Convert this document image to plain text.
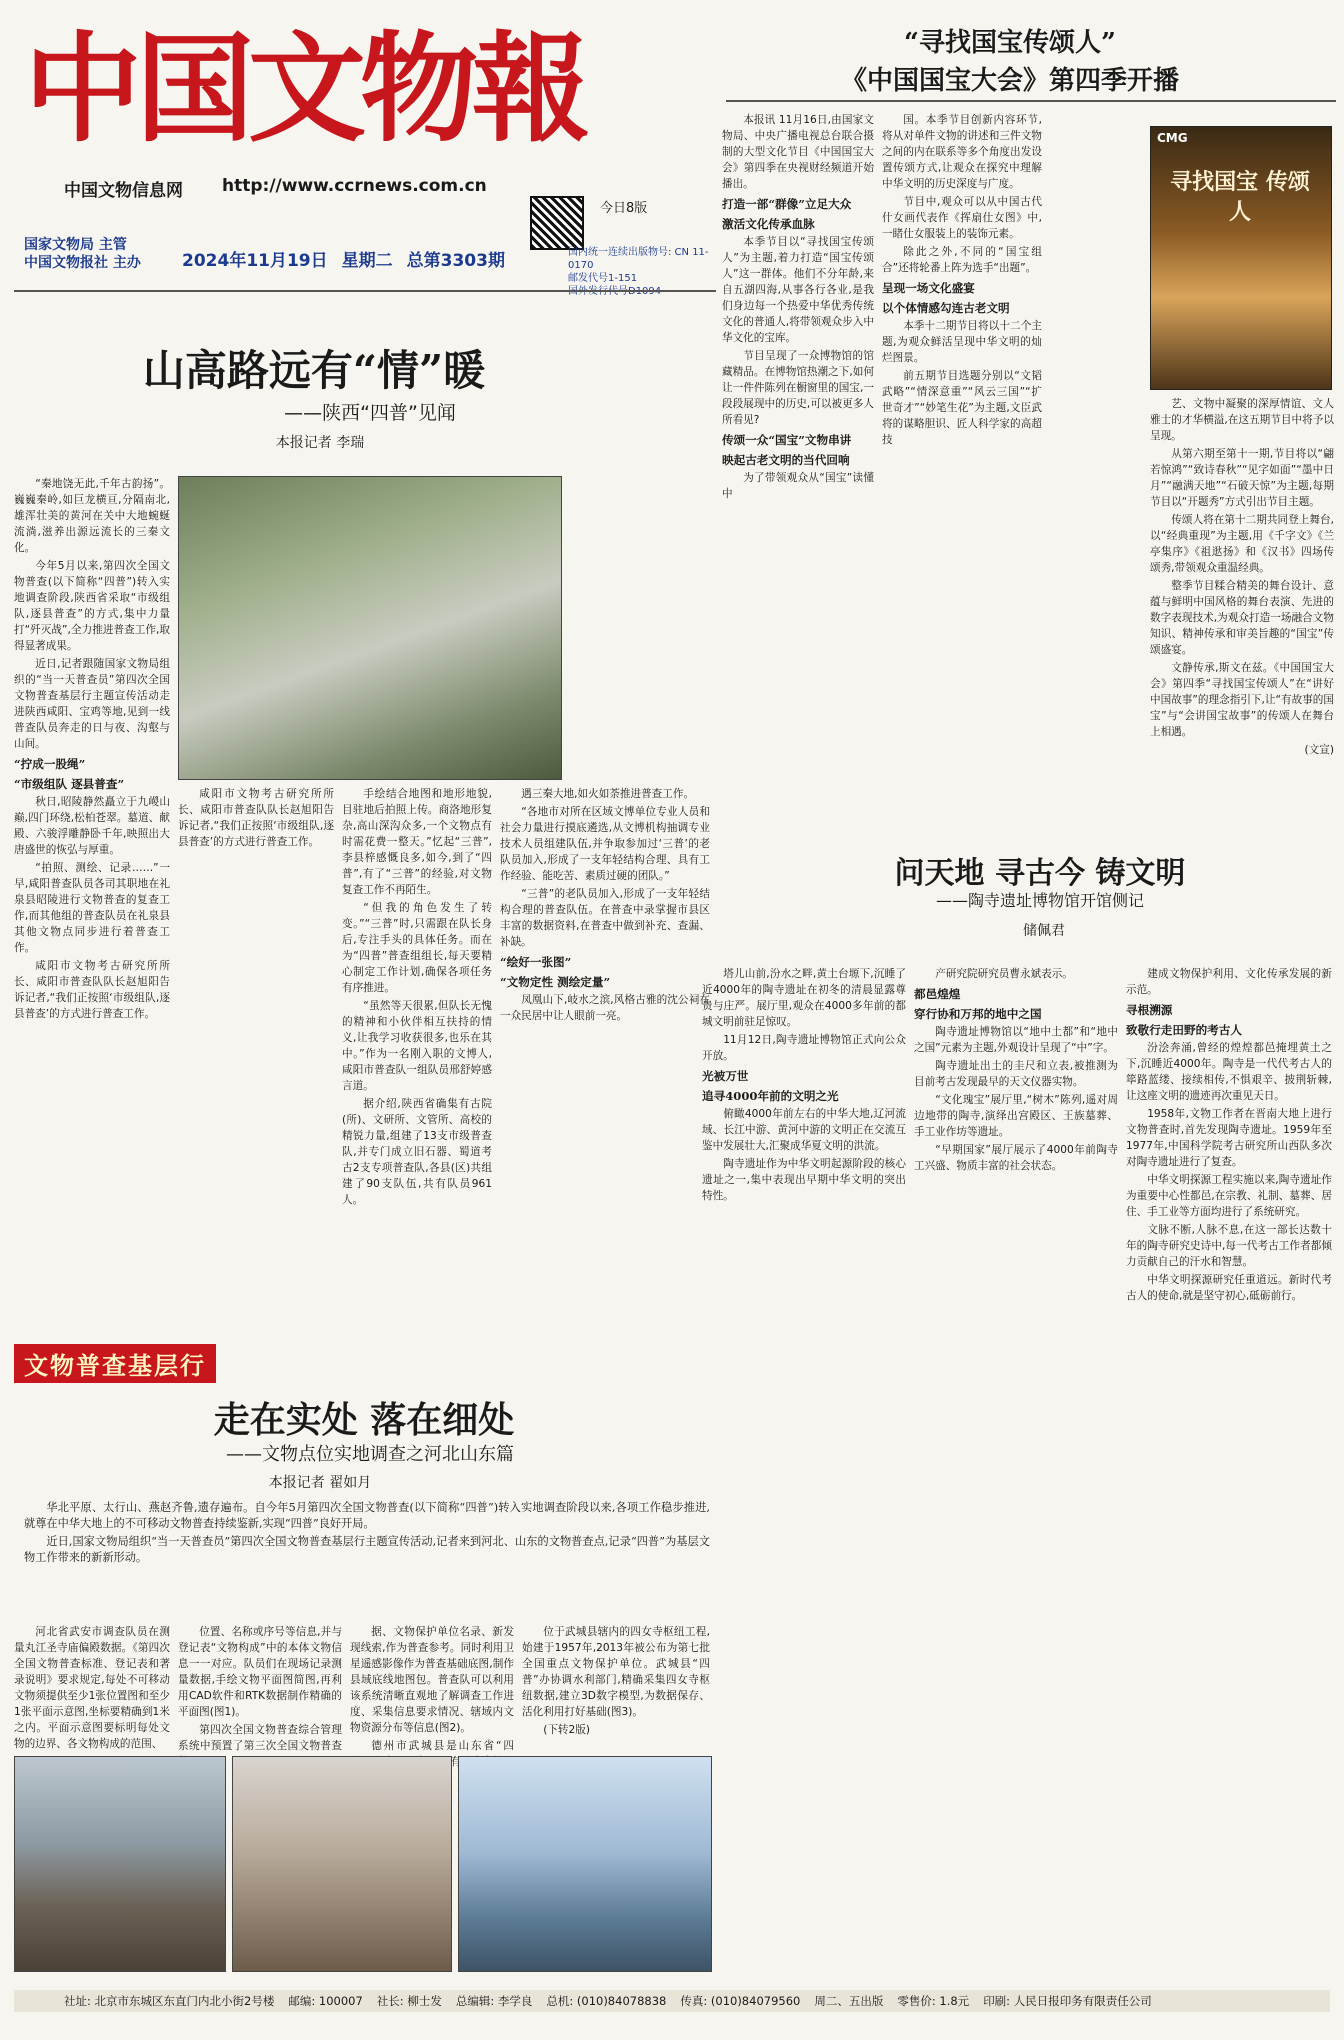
中国文物報
中国文物信息网 http://www.ccrnews.com.cn
今日8版
国家文物局 主管
中国文物报社 主办 2024年11月19日 星期二 总第3303期	国内统一连续出版物号: CN 11-0170
邮发代号1-151
山高路远有“情”暖
——陕西“四普”见闻
本报记者 李瑞

“秦地饶无此,千年古韵扬”。巍巍秦岭,如巨龙横亘,分隔南北,雄浑壮美的黄河在关中大地蜿蜒流淌,滋养出源远流长的三秦文化。

今年5月以来,第四次全国文物普查(以下简称“四普”)转入实地调查阶段,陕西省采取“市级组队,逐县普查”的方式,集中力量打“歼灭战”,全力推进普查工作,取得显著成果。

近日,记者跟随国家文物局组织的“当一天普查员”第四次全国文物普查基层行主题宣传活动走进陕西咸阳、宝鸡等地,见到一线普查队员奔走的日与夜、沟壑与山间。

“拧成一股绳”
“市级组队 逐县普查”

秋日,昭陵静然矗立于九嵕山巅,四门环绕,松柏苍翠。墓道、献殿、六骏浮雕静卧千年,映照出大唐盛世的恢弘与厚重。

“拍照、测绘、记录……”一早,咸阳普查队员各司其职地在礼泉县昭陵进行文物普查的复查工作,而其他组的普查队员在礼泉县其他文物点同步进行着普查工作。

咸阳市文物考古研究所所长、咸阳市普查队队长赵旭阳告诉记者,“我们正按照‘市级组队,逐县普查’的方式进行普查工作。

咸阳市文物考古研究所所长、咸阳市普查队队长赵旭阳告诉记者,“我们正按照‘市级组队,逐县普查’的方式进行普查工作。

手绘结合地图和地形地貌,目驻地后拍照上传。商洛地形复杂,高山深沟众多,一个文物点有时需花费一整天。”忆起“三普”,李县梓感慨良多,如今,到了“四普”,有了“三普”的经验,对文物复查工作不再陌生。

“但我的角色发生了转变。”“三普”时,只需跟在队长身后,专注手头的具体任务。而在为“四普”普查组组长,每天要精心制定工作计划,确保各项任务有序推进。

“虽然等天很累,但队长无愧的精神和小伙伴相互扶持的情义,让我学习收获很多,也乐在其中。”作为一名刚入职的文博人,咸阳市普查队一组队员邢舒婷感言道。

据介绍,陕西省确集有古院(所)、文研所、文管所、高校的精锐力量,组建了13支市级普查队,并专门成立旧石器、蜀道考古2支专项普查队,各县(区)共组建了90支队伍,共有队员961人。

遇三秦大地,如火如荼推进普查工作。

“各地市对所在区域文博单位专业人员和社会力量进行摸底遴选,从文博机构抽调专业技术人员组建队伍,并争取参加过‘三普’的老队员加入,形成了一支年轻结构合理、具有工作经验、能吃苦、素质过硬的团队。”

“三普”的老队员加入,形成了一支年轻结构合理的普查队伍。在普查中录掌握市县区丰富的数据资料,在普查中做到补充、查漏、补缺。

“绘好一张图”
“文物定性 测绘定量”

凤凰山下,岐水之滨,风格古雅的沈公祠在一众民居中让人眼前一亮。

文物普查基层行
走在实处 落在细处
——文物点位实地调查之河北山东篇
本报记者 翟如月

华北平原、太行山、燕赵齐鲁,遗存遍布。自今年5月第四次全国文物普查(以下简称“四普”)转入实地调查阶段以来,各项工作稳步推进,就尊在中华大地上的不可移动文物普查持续鉴新,实现“四普”良好开局。

近日,国家文物局组织“当一天普查员”第四次全国文物普查基层行主题宣传活动,记者来到河北、山东的文物普查点,记录“四普”为基层文物工作带来的新新形动。

河北省武安市调查队员在测量丸江圣寺庙偏殿数据。《第四次全国文物普查标准、登记表和著录说明》要求规定,每处不可移动文物须提供至少1张位置图和至少1张平面示意图,坐标要精确到1米之内。平面示意图要标明每处文物的边界、各文物构成的范围、

位置、名称或序号等信息,并与登记表“文物构成”中的本体文物信息一一对应。队员们在现场记录测量数据,手绘文物平面图简图,再利用CAD软件和RTK数据制作精确的平面图(图1)。

第四次全国文物普查综合管理系统中预置了第三次全国文物普查

据、文物保护单位名录、新发现线索,作为普查参考。同时利用卫星遥感影像作为普查基础底图,制作县域底线地图包。普查队可以利用该系统清晰直观地了解调查工作进度、采集信息要求情况、辖域内文物资源分布等信息(图2)。

德州市武城县是山东省“四 ,有

位于武城县辖内的四女寺枢纽工程,始建于1957年,2013年被公布为第七批全国重点文物保护单位。武城县“四普”办协调水利部门,精确采集四女寺枢纽数据,建立3D数字模型,为数据保存、活化利用打好基础(图3)。

(下转2版)

“寻找国宝传颂人”
《中国国宝大会》第四季开播

本报讯 11月16日,由国家文物局、中央广播电视总台联合摄制的大型文化节目《中国国宝大会》第四季在央视财经频道开始播出。

打造一部“群像”立足大众
激活文化传承血脉

本季节目以“寻找国宝传颂人”为主题,着力打造“国宝传颂人”这一群体。他们不分年龄,来自五湖四海,从事各行各业,是我们身边每一个热爱中华优秀传统文化的普通人,将带领观众步入中华文化的宝库。

节目呈现了一众博物馆的馆藏精品。在博物馆热潮之下,如何让一件件陈列在橱窗里的国宝,一段段展现中的历史,可以被更多人所看见?

传颂一众“国宝”文物串讲
映起古老文明的当代回响

为了带领观众从“国宝”读懂中

国。本季节目创新内容环节,将从对单件文物的讲述和三件文物之间的内在联系等多个角度出发设置传颂方式,让观众在探究中理解中华文明的历史深度与广度。

节目中,观众可以从中国古代什女画代表作《挥扇仕女图》中,一睹仕女服装上的装饰元素。

除此之外,不同的“国宝组合”还将轮番上阵为选手“出题”。

呈现一场文化盛宴
以个体情感勾连古老文明

本季十二期节目将以十二个主题,为观众鲜活呈现中华文明的灿烂图景。

前五期节目选题分别以“文韬武略”“情深意重”“风云三国”“扩世奇才”“妙笔生花”为主题,文臣武将的谋略胆识、匠人科学家的高超技

CMG
寻找国宝 传颂人

艺、文物中凝聚的深厚情谊、文人雅士的才华横溢,在这五期节目中将予以呈现。

从第六期至第十一期,节目将以“翩若惊鸿”“致诗春秋”“见字如面”“墨中日月”“融满天地”“石破天惊”为主题,每期节目以“开题秀”方式引出节目主题。

传颂人将在第十二期共同登上舞台,以“经典重现”为主题,用《千字文》《兰亭集序》《祖逖扬》和《汉书》四场传颂秀,带领观众重温经典。

整季节目糅合精美的舞台设计、意蕴与鲜明中国风格的舞台表演、先进的数字表现技术,为观众打造一场融合文物知识、精神传承和审美旨趣的“国宝”传颂盛宴。

文静传承,斯文在兹。《中国国宝大会》第四季“寻找国宝传颂人”在“讲好中国故事”的理念指引下,让“有故事的国宝”与“会讲国宝故事”的传颂人在舞台上相遇。

(文宣)

问天地 寻古今 铸文明
——陶寺遗址博物馆开馆侧记
储佩君

塔儿山前,汾水之畔,黄土台塬下,沉睡了近4000年的陶寺遗址在初冬的清晨显露尊贵与庄严。展厅里,观众在4000多年前的都城文明前驻足惊叹。

11月12日,陶寺遗址博物馆正式向公众开放。

光被万世
追寻4000年前的文明之光

俯瞰4000年前左右的中华大地,辽河流域、长江中游、黄河中游的文明正在交流互鉴中发展壮大,汇聚成华夏文明的洪流。

陶寺遗址作为中华文明起源阶段的核心遗址之一,集中表现出早期中华文明的突出特性。

产研究院研究员曹永斌表示。

都邑煌煌
穿行协和万邦的地中之国

陶寺遗址博物馆以“地中土都”和“地中之国”元素为主题,外观设计呈现了“中”字。

陶寺遗址出土的圭尺和立表,被推测为目前考古发现最早的天文仪器实物。

“文化瑰宝”展厅里,“树木”陈列,遥对周边地带的陶寺,演绎出宫殿区、王族墓葬、手工业作坊等遗址。

“早期国家”展厅展示了4000年前陶寺工兴盛、物质丰富的社会状态。

建成文物保护利用、文化传承发展的新示范。

寻根溯源
致敬行走田野的考古人

汾浍奔涌,曾经的煌煌都邑掩埋黄土之下,沉睡近4000年。陶寺是一代代考古人的筚路蓝缕、接续相传,不惧艰辛、披荆斩棘,让这座文明的遗迹再次重见天日。

1958年,文物工作者在晋南大地上进行文物普查时,首先发现陶寺遗址。1959年至1977年,中国科学院考古研究所山西队多次对陶寺遗址进行了复查。

中华文明探源工程实施以来,陶寺遗址作为重要中心性都邑,在宗教、礼制、墓葬、居住、手工业等方面均进行了系统研究。

文脉不断,人脉不息,在这一部长达数十年的陶寺研究史诗中,每一代考古工作者都倾力贡献自己的汗水和智慧。

中华文明探源研究任重道远。新时代考古人的使命,就是坚守初心,砥砺前行。

社址: 北京市东城区东直门内北小街2号楼 邮编: 100007 社长: 柳士发 总编辑: 李学良 总机: (010)84078838 传真: (010)84079560 周二、五出版 零售价: 1.8元 印刷: 人民日报印务有限责任公司
